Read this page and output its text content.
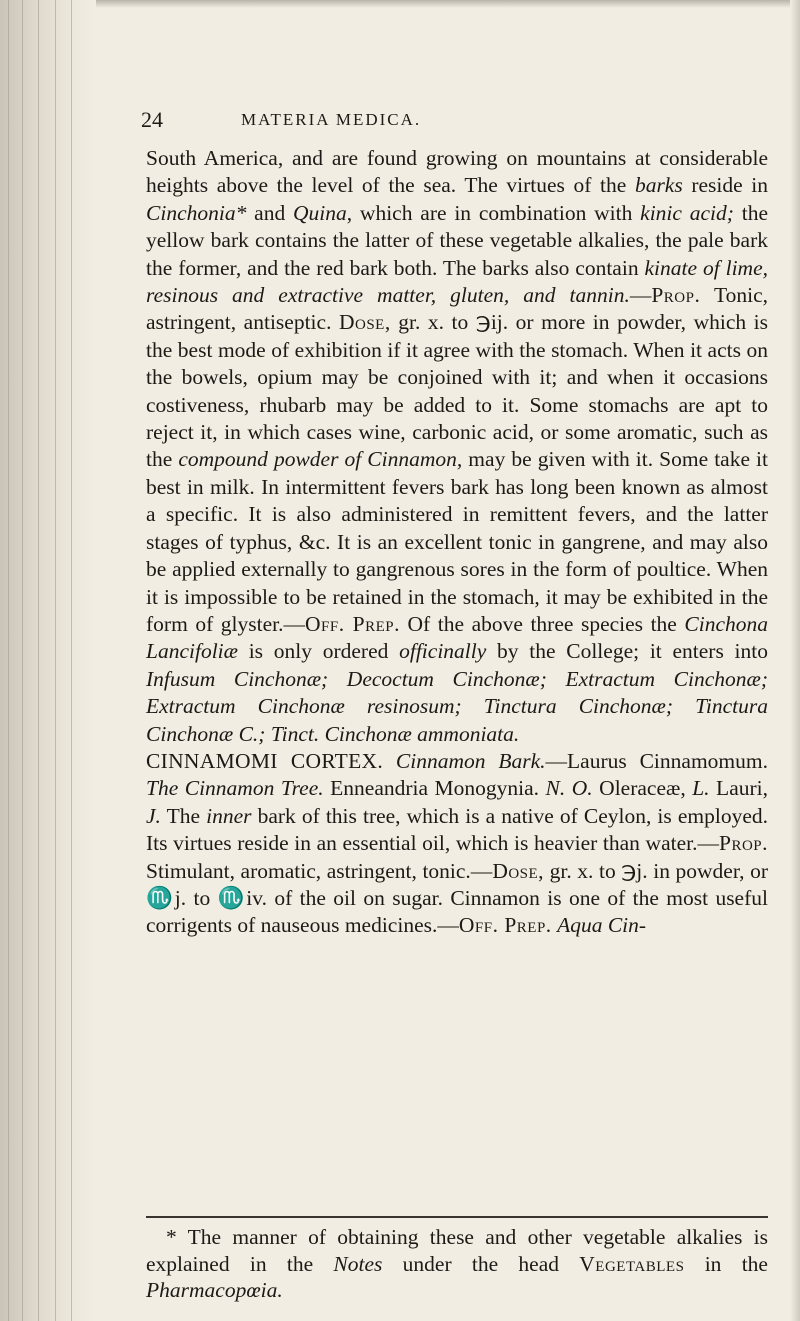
24	MATERIA MEDICA.

South America, and are found growing on mountains at considerable heights above the level of the sea. The virtues of the barks reside in Cinchonia* and Quina, which are in combination with kinic acid; the yellow bark contains the latter of these vegetable alkalies, the pale bark the former, and the red bark both. The barks also contain kinate of lime, resinous and extractive matter, gluten, and tannin.—Prop. Tonic, astringent, antiseptic. Dose, gr. x. to ℈ij. or more in powder, which is the best mode of exhibition if it agree with the stomach. When it acts on the bowels, opium may be conjoined with it; and when it occasions costiveness, rhubarb may be added to it. Some stomachs are apt to reject it, in which cases wine, carbonic acid, or some aromatic, such as the compound powder of Cinnamon, may be given with it. Some take it best in milk. In intermittent fevers bark has long been known as almost a specific. It is also administered in remittent fevers, and the latter stages of typhus, &c. It is an excellent tonic in gangrene, and may also be applied externally to gangrenous sores in the form of poultice. When it is impossible to be retained in the stomach, it may be exhibited in the form of glyster.—Off. Prep. Of the above three species the Cinchona Lancifoliæ is only ordered officinally by the College; it enters into Infusum Cinchonæ; Decoctum Cinchonæ; Extractum Cinchonæ; Extractum Cinchonæ resinosum; Tinctura Cinchonæ; Tinctura Cinchonæ C.; Tinct. Cinchonæ ammoniata.

CINNAMOMI CORTEX. Cinnamon Bark.—Laurus Cinnamomum. The Cinnamon Tree. Enneandria Monogynia. N. O. Oleraceæ, L. Lauri, J. The inner bark of this tree, which is a native of Ceylon, is employed. Its virtues reside in an essential oil, which is heavier than water.—Prop. Stimulant, aromatic, astringent, tonic.—Dose, gr. x. to ℈j. in powder, or ♏j. to ♏iv. of the oil on sugar. Cinnamon is one of the most useful corrigents of nauseous medicines.—Off. Prep. Aqua Cin-

* The manner of obtaining these and other vegetable alkalies is explained in the Notes under the head Vegetables in the Pharmacopœia.
